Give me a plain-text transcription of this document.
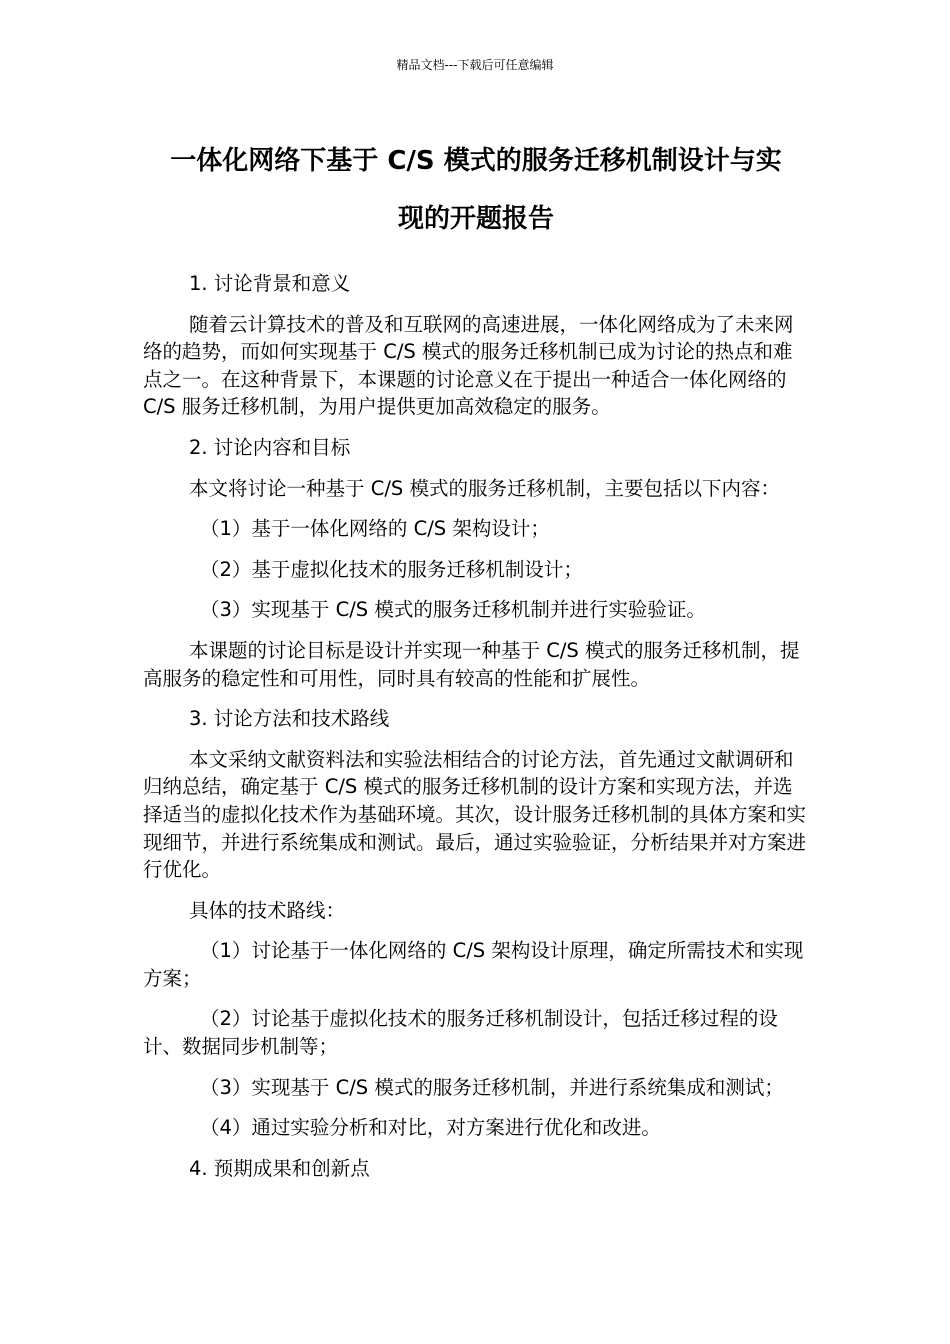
精品文档---下载后可任意编辑
一体化网络下基于 C/S 模式的服务迁移机制设计与实
现的开题报告

1. 讨论背景和意义

随着云计算技术的普及和互联网的高速进展，一体化网络成为了未来网络的趋势，而如何实现基于 C/S 模式的服务迁移机制已成为讨论的热点和难点之一。在这种背景下，本课题的讨论意义在于提出一种适合一体化网络的 C/S 服务迁移机制，为用户提供更加高效稳定的服务。

2. 讨论内容和目标

本文将讨论一种基于 C/S 模式的服务迁移机制，主要包括以下内容：

（1）基于一体化网络的 C/S 架构设计；

（2）基于虚拟化技术的服务迁移机制设计；

（3）实现基于 C/S 模式的服务迁移机制并进行实验验证。

本课题的讨论目标是设计并实现一种基于 C/S 模式的服务迁移机制，提高服务的稳定性和可用性，同时具有较高的性能和扩展性。

3. 讨论方法和技术路线

本文采纳文献资料法和实验法相结合的讨论方法，首先通过文献调研和归纳总结，确定基于 C/S 模式的服务迁移机制的设计方案和实现方法，并选择适当的虚拟化技术作为基础环境。其次，设计服务迁移机制的具体方案和实现细节，并进行系统集成和测试。最后，通过实验验证，分析结果并对方案进行优化。

具体的技术路线：

（1）讨论基于一体化网络的 C/S 架构设计原理，确定所需技术和实现方案；

（2）讨论基于虚拟化技术的服务迁移机制设计，包括迁移过程的设计、数据同步机制等；

（3）实现基于 C/S 模式的服务迁移机制，并进行系统集成和测试；

（4）通过实验分析和对比，对方案进行优化和改进。

4. 预期成果和创新点
